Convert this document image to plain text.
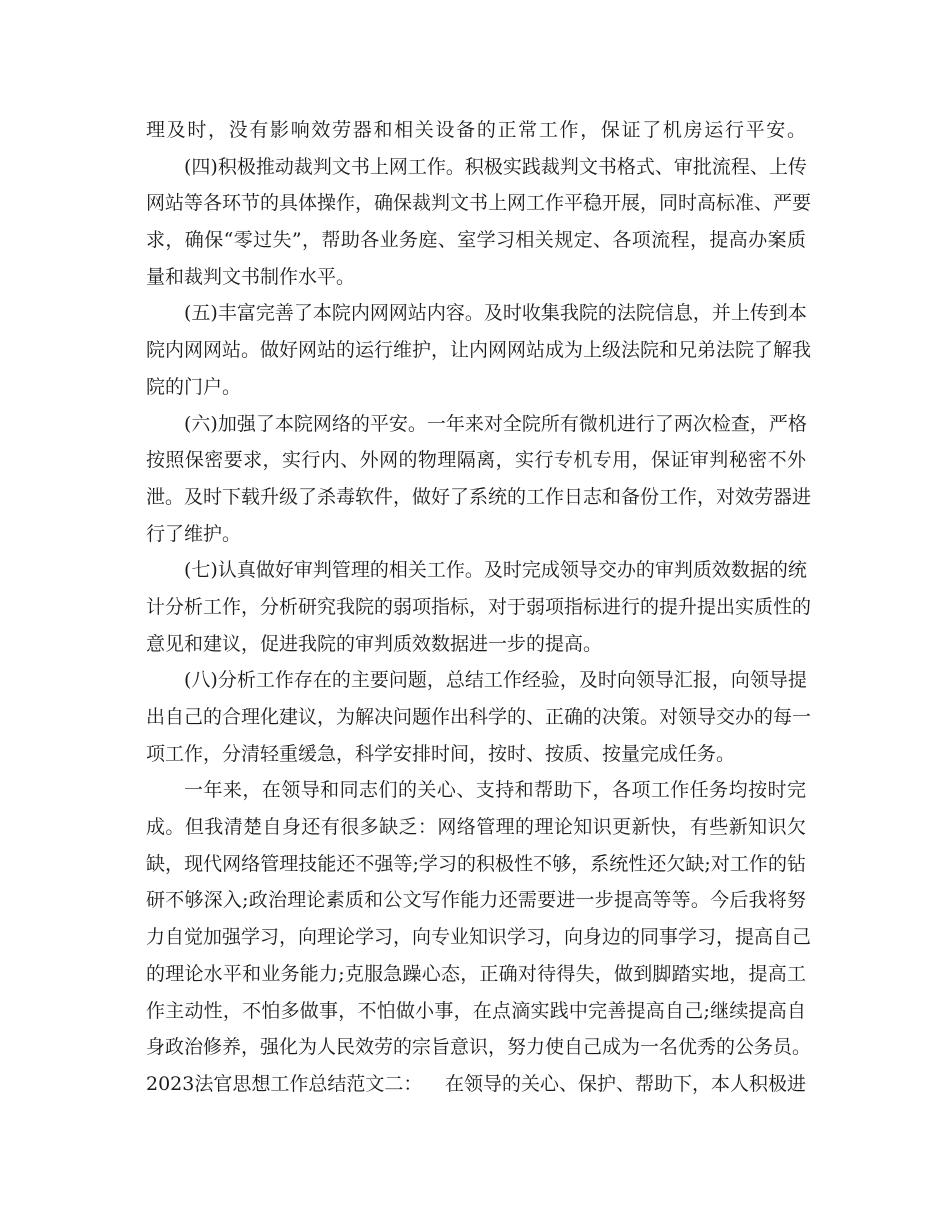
理及时，没有影响效劳器和相关设备的正常工作，保证了机房运行平安。
(四)积极推动裁判文书上网工作。积极实践裁判文书格式、审批流程、上传
网站等各环节的具体操作，确保裁判文书上网工作平稳开展，同时高标准、严要
求，确保“零过失”，帮助各业务庭、室学习相关规定、各项流程，提高办案质
量和裁判文书制作水平。
(五)丰富完善了本院内网网站内容。及时收集我院的法院信息，并上传到本
院内网网站。做好网站的运行维护，让内网网站成为上级法院和兄弟法院了解我
院的门户。
(六)加强了本院网络的平安。一年来对全院所有微机进行了两次检查，严格
按照保密要求，实行内、外网的物理隔离，实行专机专用，保证审判秘密不外
泄。及时下载升级了杀毒软件，做好了系统的工作日志和备份工作，对效劳器进
行了维护。
(七)认真做好审判管理的相关工作。及时完成领导交办的审判质效数据的统
计分析工作，分析研究我院的弱项指标，对于弱项指标进行的提升提出实质性的
意见和建议，促进我院的审判质效数据进一步的提高。
(八)分析工作存在的主要问题，总结工作经验，及时向领导汇报，向领导提
出自己的合理化建议，为解决问题作出科学的、正确的决策。对领导交办的每一
项工作，分清轻重缓急，科学安排时间，按时、按质、按量完成任务。
一年来，在领导和同志们的关心、支持和帮助下，各项工作任务均按时完
成。但我清楚自身还有很多缺乏：网络管理的理论知识更新快，有些新知识欠
缺，现代网络管理技能还不强等;学习的积极性不够，系统性还欠缺;对工作的钻
研不够深入;政治理论素质和公文写作能力还需要进一步提高等等。今后我将努
力自觉加强学习，向理论学习，向专业知识学习，向身边的同事学习，提高自己
的理论水平和业务能力;克服急躁心态，正确对待得失，做到脚踏实地，提高工
作主动性，不怕多做事，不怕做小事，在点滴实践中完善提高自己;继续提高自
身政治修养，强化为人民效劳的宗旨意识，努力使自己成为一名优秀的公务员。
2023法官思想工作总结范文二： 在领导的关心、保护、帮助下，本人积极进
